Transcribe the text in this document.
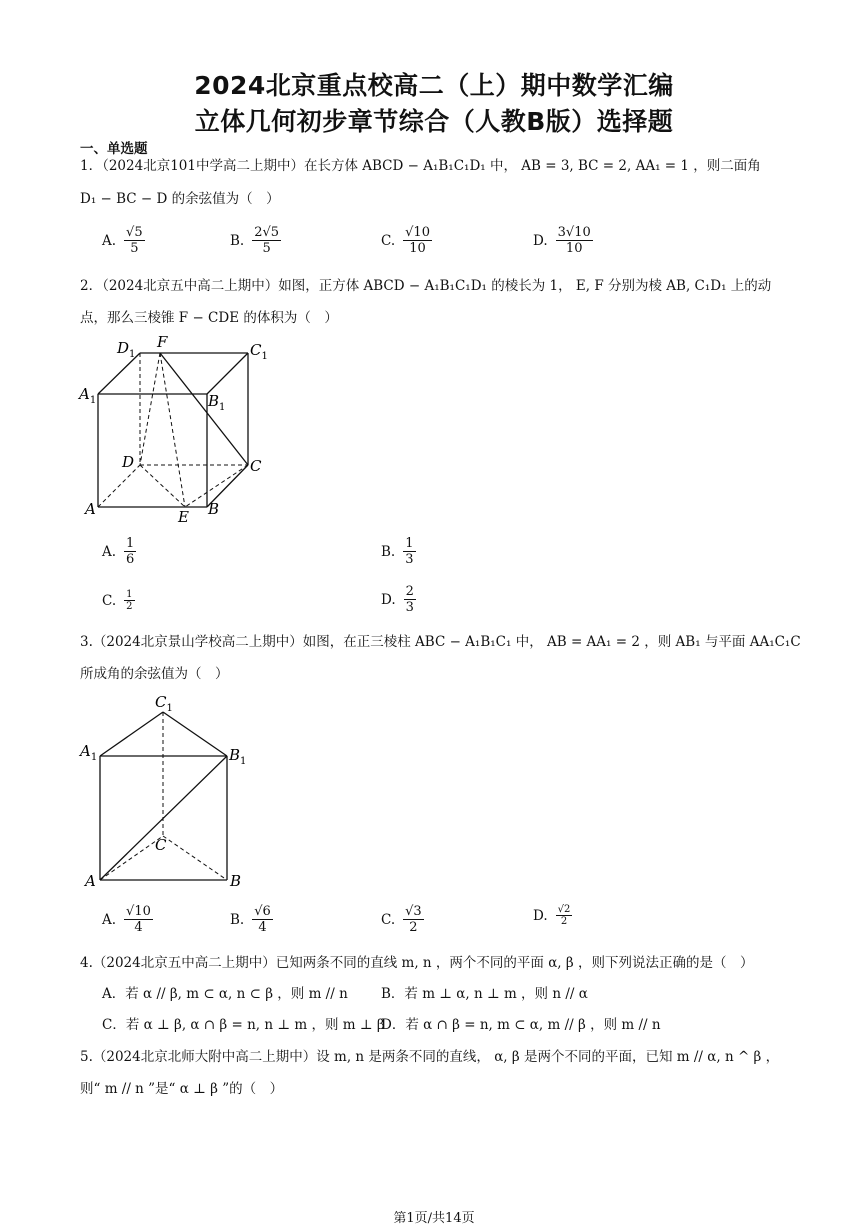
2024北京重点校高二（上）期中数学汇编
立体几何初步章节综合（人教B版）选择题
一、单选题
1．（2024北京101中学高二上期中）在长方体 ABCD − A₁B₁C₁D₁ 中， AB = 3, BC = 2, AA₁ = 1 ，则二面角
D₁ − BC − D 的余弦值为（　）
A. $\frac{√5}{5}$	B. $\frac{2√5}{5}$	C. $\frac{√10}{10}$	D. $\frac{3√10}{10}$
2．（2024北京五中高二上期中）如图，正方体 ABCD − A₁B₁C₁D₁ 的棱长为 1， E, F 分别为棱 AB, C₁D₁ 上的动
点，那么三棱锥 F − CDE 的体积为（　）
$D_1$
F	$C_1$
$A_1$	$B_1$
D	C
A	E B
A. $\frac{1}{6}$	B. $\frac{1}{3}$
C. $\frac{1}{2}$	D. $\frac{2}{3}$
3.（2024北京景山学校高二上期中）如图，在正三棱柱 ABC − A₁B₁C₁ 中， AB = AA₁ = 2 ，则 AB₁ 与平面 AA₁C₁C
所成角的余弦值为（　）
$C_1$
$A_1$	$B_1$
C
A	B
A. $\frac{√10}{4}$	B. $\frac{√6}{4}$	C. $\frac{√3}{2}$	D. $\frac{√2}{2}$
4.（2024北京五中高二上期中）已知两条不同的直线 m, n ，两个不同的平面 α, β ，则下列说法正确的是（　）
A．若 α // β, m ⊂ α, n ⊂ β ，则 m // n B．若 m ⊥ α, n ⊥ m ，则 n // α
C．若 α ⊥ β, α ∩ β = n, n ⊥ m ，则 m ⊥ β
D．若 α ∩ β = n, m ⊂ α, m // β ，则 m // n
5.（2024北京北师大附中高二上期中）设 m, n 是两条不同的直线， α, β 是两个不同的平面，已知 m // α, n ^ β ，
则“ m // n ”是“ α ⊥ β ”的（　）
第1页/共14页
